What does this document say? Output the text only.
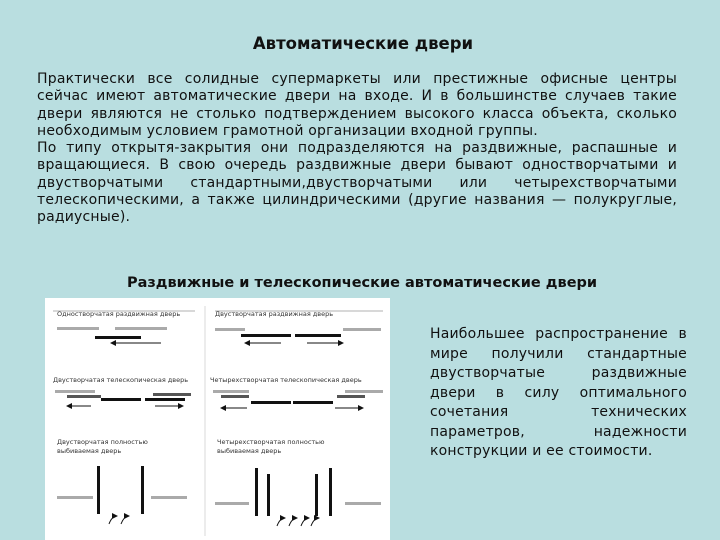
Автоматические двери

Практически все солидные супермаркеты или престижные офисные центры сейчас имеют автоматические двери на входе. И в большинстве случаев такие двери являются не столько подтверждением высокого класса объекта, сколько необходимым условием грамотной организации входной группы.

По типу открытя-закрытия они подразделяются на раздвижные, распашные и вращающиеся. В свою очередь раздвижные двери бывают одностворчатыми и двустворчатыми стандартными,двустворчатыми или четырехстворчатыми телескопическими, а также цилиндрическими (другие названия — полукруглые, радиусные).

Раздвижные и телескопические автоматические двери
Одностворчатая раздвижная дверь	Двустворчатая раздвижная дверь
Двустворчатая телескопическая дверь	Четырехстворчатая телескопическая дверь
Двустворчатая полностью
выбиваемая дверь
Четырехстворчатая полностью
выбиваемая дверь
Наибольшее распространение в мире получили стандартные двустворчатые раздвижные двери в силу оптимального сочетания технических параметров, надежности конструкции и ее стоимости.
